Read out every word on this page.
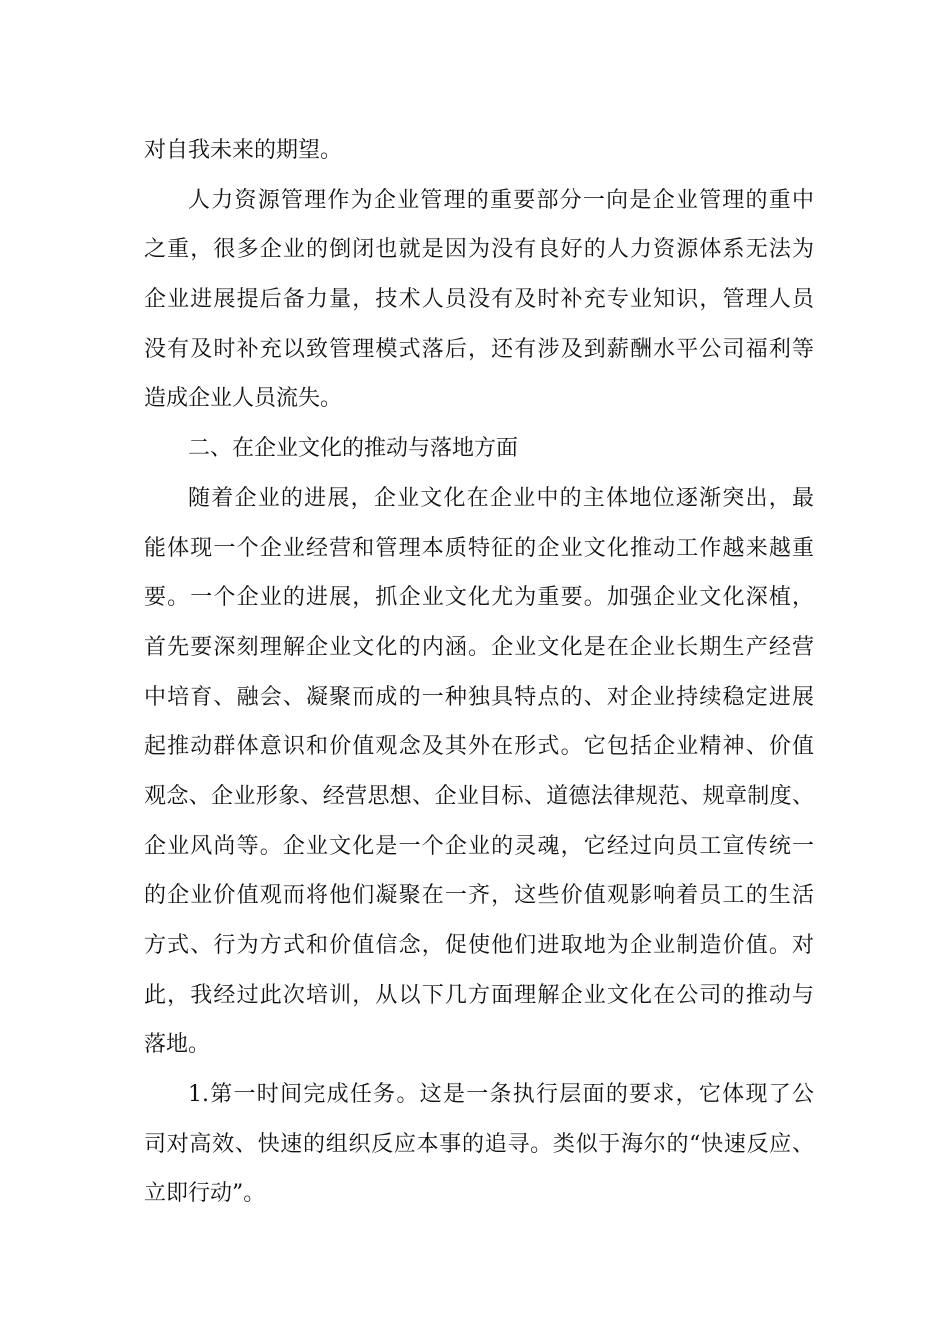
对自我未来的期望。
人力资源管理作为企业管理的重要部分一向是企业管理的重中
之重，很多企业的倒闭也就是因为没有良好的人力资源体系无法为
企业进展提后备力量，技术人员没有及时补充专业知识，管理人员
没有及时补充以致管理模式落后，还有涉及到薪酬水平公司福利等
造成企业人员流失。
二、在企业文化的推动与落地方面
随着企业的进展，企业文化在企业中的主体地位逐渐突出，最
能体现一个企业经营和管理本质特征的企业文化推动工作越来越重
要。一个企业的进展，抓企业文化尤为重要。加强企业文化深植，
首先要深刻理解企业文化的内涵。企业文化是在企业长期生产经营
中培育、融会、凝聚而成的一种独具特点的、对企业持续稳定进展
起推动群体意识和价值观念及其外在形式。它包括企业精神、价值
观念、企业形象、经营思想、企业目标、道德法律规范、规章制度、
企业风尚等。企业文化是一个企业的灵魂，它经过向员工宣传统一
的企业价值观而将他们凝聚在一齐，这些价值观影响着员工的生活
方式、行为方式和价值信念，促使他们进取地为企业制造价值。对
此，我经过此次培训，从以下几方面理解企业文化在公司的推动与
落地。
1.第一时间完成任务。这是一条执行层面的要求，它体现了公
司对高效、快速的组织反应本事的追寻。类似于海尔的“快速反应、
立即行动”。
